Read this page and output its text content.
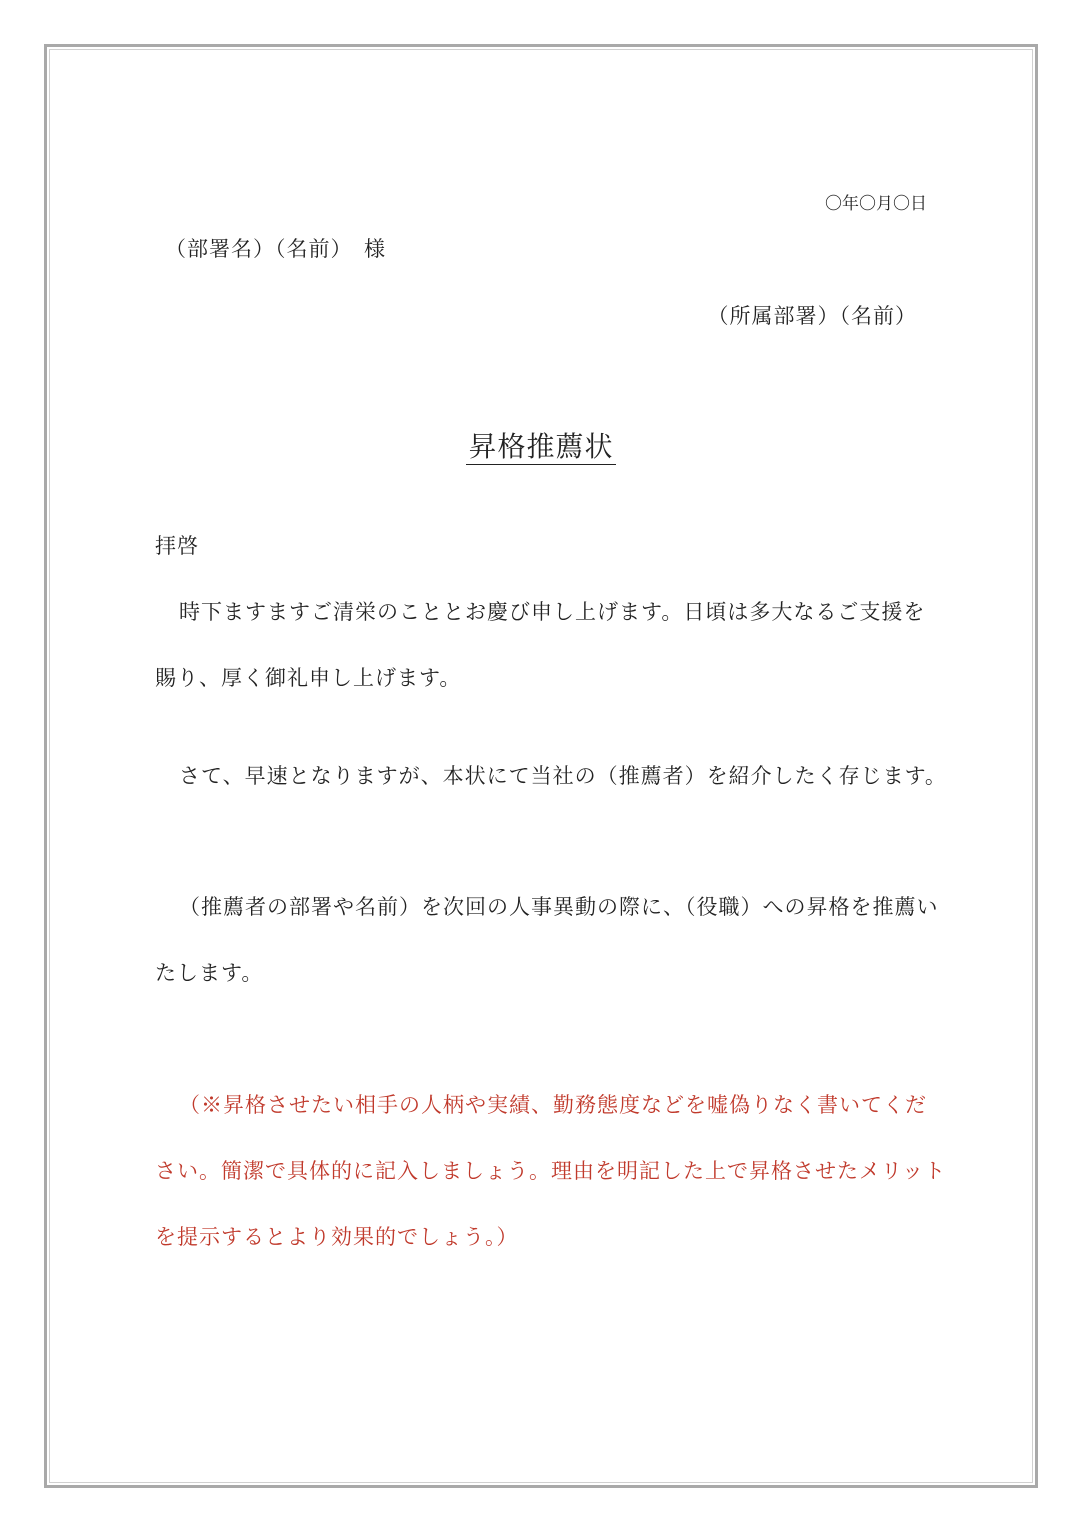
〇年〇月〇日
（部署名）（名前）　様
（所属部署）（名前）
昇格推薦状
拝啓
時下ますますご清栄のこととお慶び申し上げます。日頃は多大なるご支援を
賜り、厚く御礼申し上げます。
さて、早速となりますが、本状にて当社の（推薦者）を紹介したく存じます。
（推薦者の部署や名前）を次回の人事異動の際に、（役職）への昇格を推薦い
たします。
（※昇格させたい相手の人柄や実績、勤務態度などを嘘偽りなく書いてくだ
さい。簡潔で具体的に記入しましょう。理由を明記した上で昇格させたメリット
を提示するとより効果的でしょう。）
